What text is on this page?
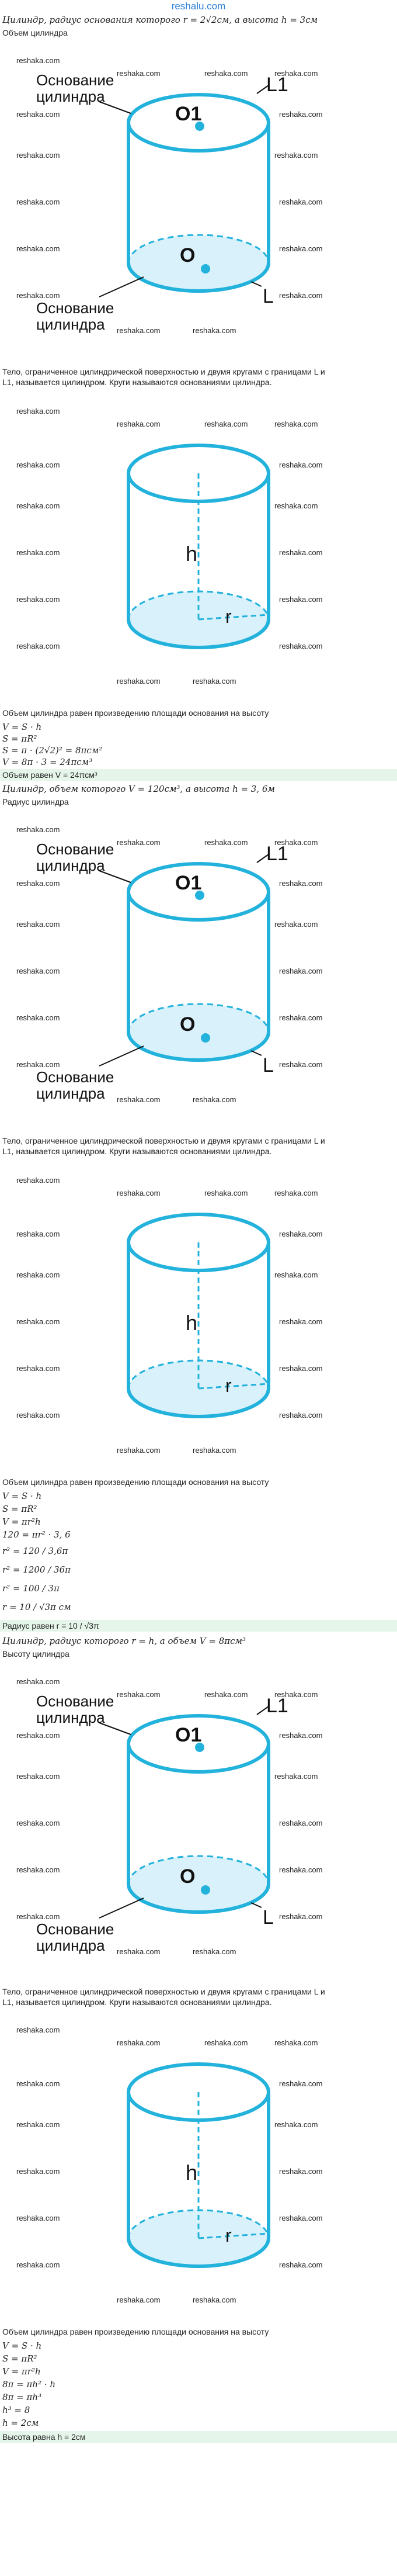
reshalu.com
Цилиндр, радиус основания которого r = 2√2см, а высота h = 3см
Объем цилиндра
O1
O
L1
L
Основание
цилиндра
Основание
цилиндра
reshaka.com
reshaka.com	reshaka.com	reshaka.com
reshaka.com	reshaka.com
reshaka.com	reshaka.com
reshaka.com	reshaka.com
reshaka.com	reshaka.com
reshaka.com	reshaka.com
reshaka.com	reshaka.com
Тело, ограниченное цилиндрической поверхностью и двумя кругами с границами L и
L1, называется цилиндром. Круги называются основаниями цилиндра.
h
r
reshaka.com
reshaka.com	reshaka.com	reshaka.com
reshaka.com	reshaka.com
reshaka.com	reshaka.com
reshaka.com	reshaka.com
reshaka.com	reshaka.com
reshaka.com	reshaka.com
reshaka.com	reshaka.com
Объем цилиндра равен произведению площади основания на высоту
V = S · h
S = πR²
S = π · (2√2)² = 8πсм²
V = 8π · 3 = 24πсм³
Объем равен V = 24πсм³
Цилиндр, объем которого V = 120см³, а высота h = 3, 6м
Радиус цилиндра
O1
O
L1
L
Основание
цилиндра
Основание
цилиндра
reshaka.com
reshaka.com	reshaka.com	reshaka.com
reshaka.com	reshaka.com
reshaka.com	reshaka.com
reshaka.com	reshaka.com
reshaka.com	reshaka.com
reshaka.com	reshaka.com
reshaka.com	reshaka.com
Тело, ограниченное цилиндрической поверхностью и двумя кругами с границами L и
L1, называется цилиндром. Круги называются основаниями цилиндра.
h
r
reshaka.com
reshaka.com	reshaka.com	reshaka.com
reshaka.com	reshaka.com
reshaka.com	reshaka.com
reshaka.com	reshaka.com
reshaka.com	reshaka.com
reshaka.com	reshaka.com
reshaka.com	reshaka.com
Объем цилиндра равен произведению площади основания на высоту
V = S · h
S = πR²
V = πr²h
120 = πr² · 3, 6
r² = 120 / 3,6π
r² = 1200 / 36π
r² = 100 / 3π
r = 10 / √3π см
Радиус равен r = 10 / √3π
Цилиндр, радиус которого r = h, а объем V = 8πсм³
Высоту цилиндра
O1
O
L1
L
Основание
цилиндра
Основание
цилиндра
reshaka.com
reshaka.com	reshaka.com	reshaka.com
reshaka.com	reshaka.com
reshaka.com	reshaka.com
reshaka.com	reshaka.com
reshaka.com	reshaka.com
reshaka.com	reshaka.com
reshaka.com	reshaka.com
Тело, ограниченное цилиндрической поверхностью и двумя кругами с границами L и
L1, называется цилиндром. Круги называются основаниями цилиндра.
h
r
reshaka.com
reshaka.com	reshaka.com	reshaka.com
reshaka.com	reshaka.com
reshaka.com	reshaka.com
reshaka.com	reshaka.com
reshaka.com	reshaka.com
reshaka.com	reshaka.com
reshaka.com	reshaka.com
Объем цилиндра равен произведению площади основания на высоту
V = S · h
S = πR²
V = πr²h
8π = πh² · h
8π = πh³
h³ = 8
h = 2см
Высота равна h = 2см
